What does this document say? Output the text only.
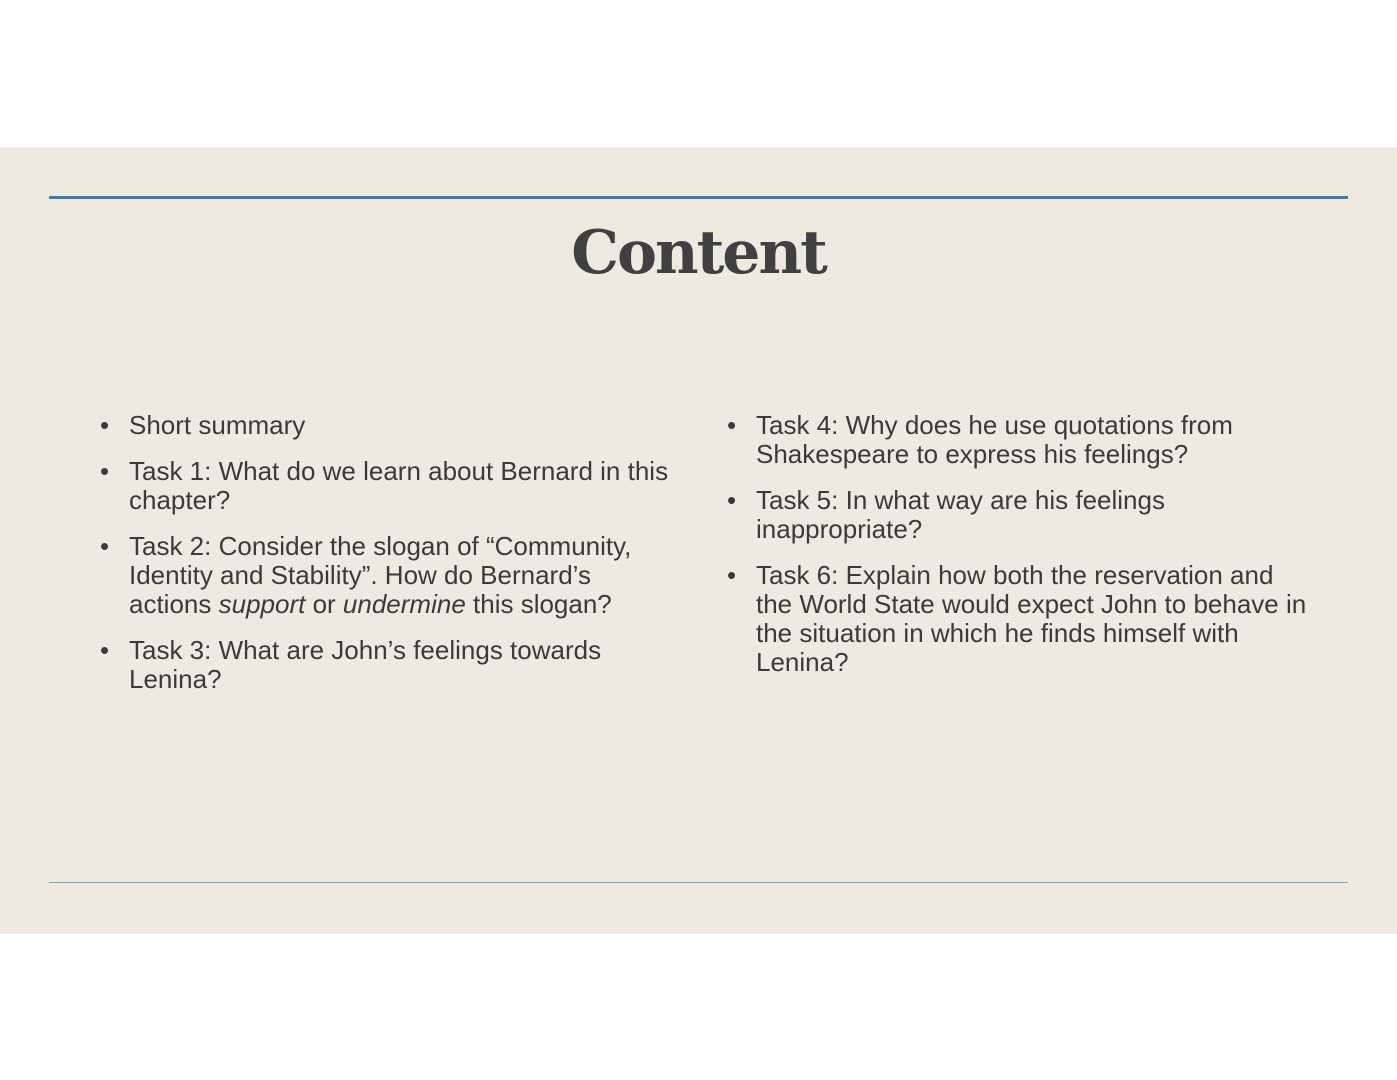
Content
• Short summary
• Task 1: What do we learn about Bernard in this chapter?
• Task 2: Consider the slogan of “Community, Identity and Stability”. How do Bernard’s actions support or undermine this slogan?
• Task 3: What are John’s feelings towards Lenina?
• Task 4: Why does he use quotations from Shakespeare to express his feelings?
• Task 5: In what way are his feelings inappropriate?
• Task 6: Explain how both the reservation and the World State would expect John to behave in the situation in which he finds himself with Lenina?
